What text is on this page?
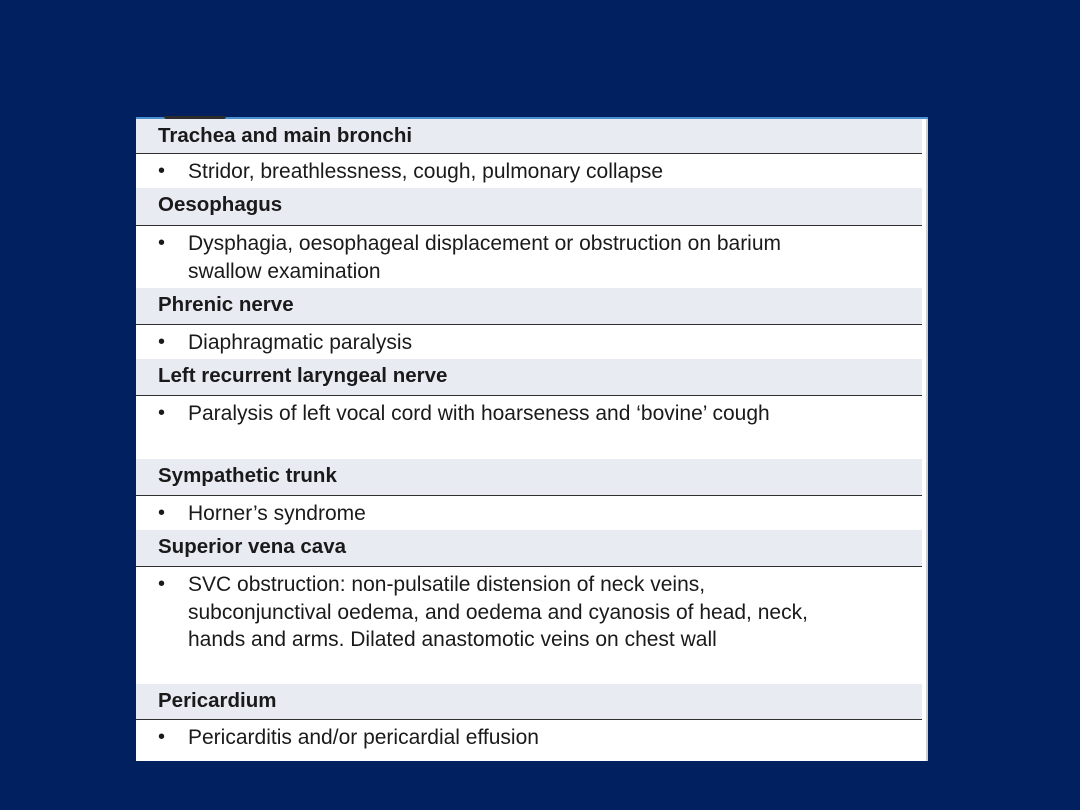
Trachea and main bronchi
•	Stridor, breathlessness, cough, pulmonary collapse
Oesophagus
•	Dysphagia, oesophageal displacement or obstruction on barium swallow examination
Phrenic nerve
•	Diaphragmatic paralysis
Left recurrent laryngeal nerve
•	Paralysis of left vocal cord with hoarseness and ‘bovine’ cough
Sympathetic trunk
•	Horner’s syndrome
Superior vena cava
•	SVC obstruction: non-pulsatile distension of neck veins, subconjunctival oedema, and oedema and cyanosis of head, neck, hands and arms. Dilated anastomotic veins on chest wall
Pericardium
•	Pericarditis and/or pericardial effusion
